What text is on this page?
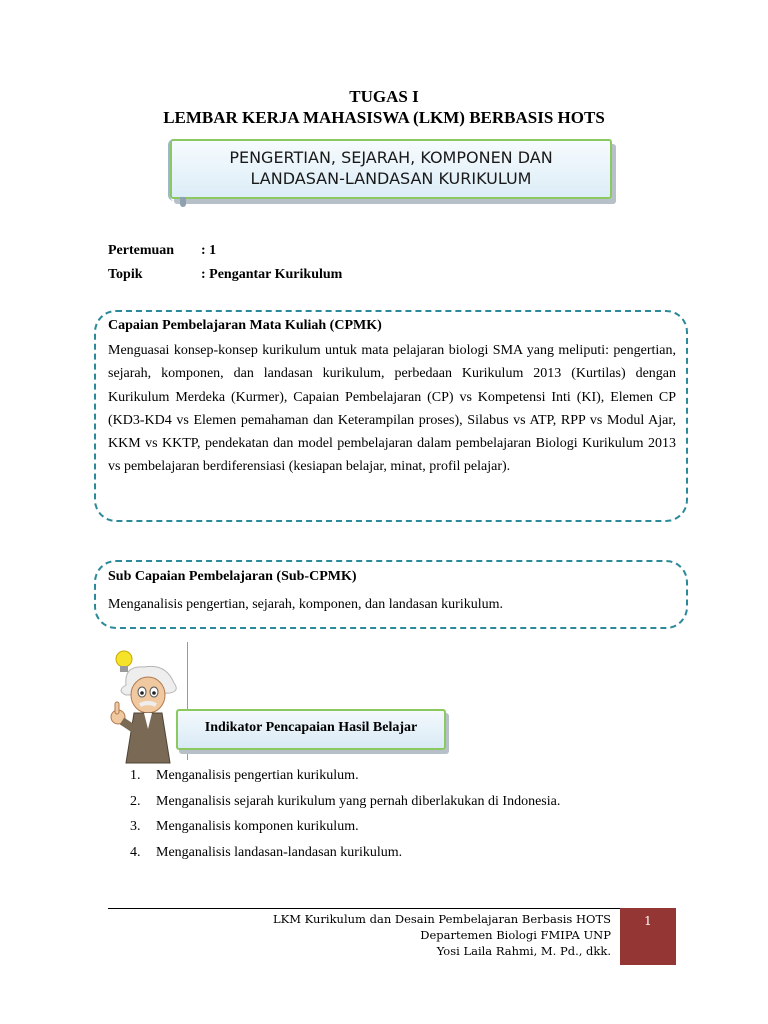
TUGAS I
LEMBAR KERJA MAHASISWA (LKM) BERBASIS HOTS
PENGERTIAN, SEJARAH, KOMPONEN DAN
LANDASAN-LANDASAN KURIKULUM
Pertemuan : 1
Topik	: Pengantar Kurikulum
Capaian Pembelajaran Mata Kuliah (CPMK)
Menguasai konsep-konsep kurikulum untuk mata pelajaran biologi SMA yang meliputi: pengertian, sejarah, komponen, dan landasan kurikulum, perbedaan Kurikulum 2013 (Kurtilas) dengan Kurikulum Merdeka (Kurmer), Capaian Pembelajaran (CP) vs Kompetensi Inti (KI), Elemen CP (KD3-KD4 vs Elemen pemahaman dan Keterampilan proses), Silabus vs ATP, RPP vs Modul Ajar, KKM vs KKTP, pendekatan dan model pembelajaran dalam pembelajaran Biologi Kurikulum 2013 vs pembelajaran berdiferensiasi (kesiapan belajar, minat, profil pelajar).
Sub Capaian Pembelajaran (Sub-CPMK)
Menganalisis pengertian, sejarah, komponen, dan landasan kurikulum.
Indikator Pencapaian Hasil Belajar
1. Menganalisis pengertian kurikulum.
2. Menganalisis sejarah kurikulum yang pernah diberlakukan di Indonesia.
3. Menganalisis komponen kurikulum.
4. Menganalisis landasan-landasan kurikulum.
LKM Kurikulum dan Desain Pembelajaran Berbasis HOTS
Departemen Biologi FMIPA UNP
Yosi Laila Rahmi, M. Pd., dkk.
1
